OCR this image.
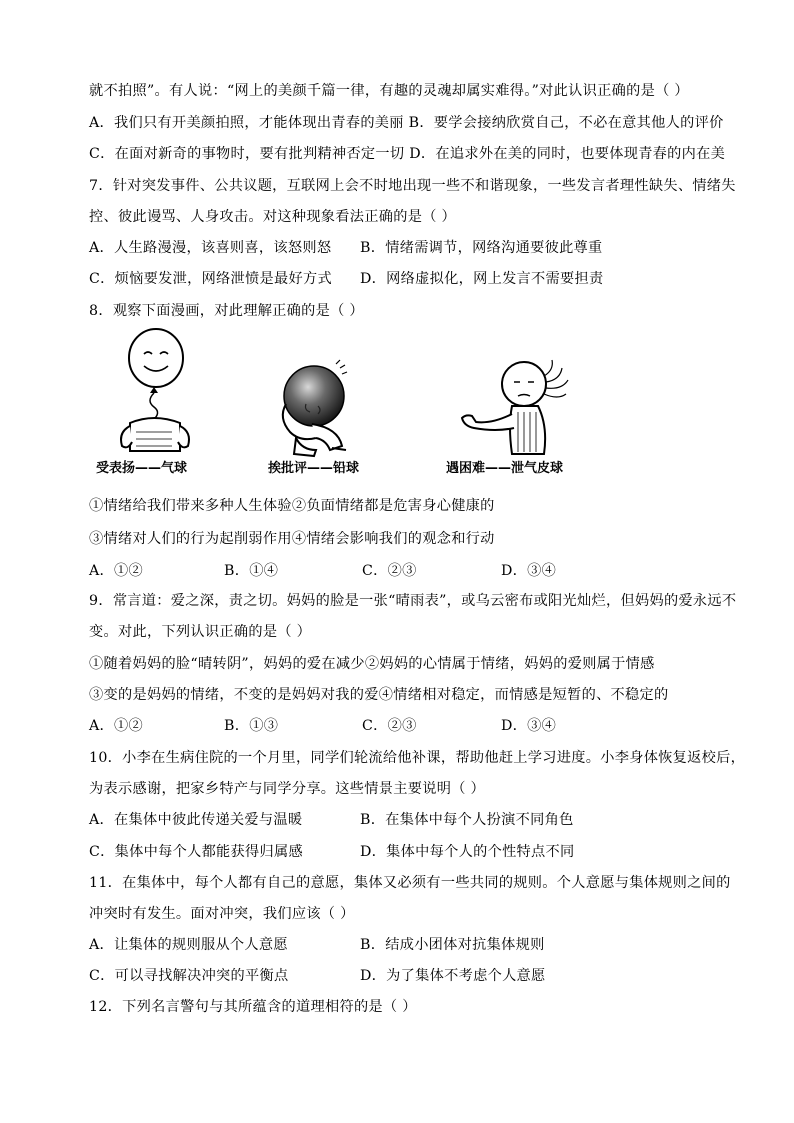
就不拍照”。有人说：“网上的美颜千篇一律，有趣的灵魂却属实难得。”对此认识正确的是（ ）
A．我们只有开美颜拍照，才能体现出青春的美丽 B．要学会接纳欣赏自己，不必在意其他人的评价
C．在面对新奇的事物时，要有批判精神否定一切 D．在追求外在美的同时，也要体现青春的内在美
7．针对突发事件、公共议题，互联网上会不时地出现一些不和谐现象，一些发言者理性缺失、情绪失
控、彼此谩骂、人身攻击。对这种现象看法正确的是（ ）
A．人生路漫漫，该喜则喜，该怒则怒 B．情绪需调节，网络沟通要彼此尊重
C．烦恼要发泄，网络泄愤是最好方式 D．网络虚拟化，网上发言不需要担责
8．观察下面漫画，对此理解正确的是（ ）
受表扬——气球	挨批评——铅球	遇困难——泄气皮球
①情绪给我们带来多种人生体验②负面情绪都是危害身心健康的
③情绪对人们的行为起削弱作用④情绪会影响我们的观念和行动
A．①②	B．①④	C．②③	D．③④
9．常言道：爱之深，责之切。妈妈的脸是一张“晴雨表”，或乌云密布或阳光灿烂，但妈妈的爱永远不
变。对此，下列认识正确的是（ ）
①随着妈妈的脸“晴转阴”，妈妈的爱在减少②妈妈的心情属于情绪，妈妈的爱则属于情感
③变的是妈妈的情绪，不变的是妈妈对我的爱④情绪相对稳定，而情感是短暂的、不稳定的
A．①②	B．①③	C．②③	D．③④
10．小李在生病住院的一个月里，同学们轮流给他补课，帮助他赶上学习进度。小李身体恢复返校后，
为表示感谢，把家乡特产与同学分享。这些情景主要说明（ ）
A．在集体中彼此传递关爱与温暖	B．在集体中每个人扮演不同角色
C．集体中每个人都能获得归属感	D．集体中每个人的个性特点不同
11．在集体中，每个人都有自己的意愿，集体又必须有一些共同的规则。个人意愿与集体规则之间的
冲突时有发生。面对冲突，我们应该（ ）
A．让集体的规则服从个人意愿	B．结成小团体对抗集体规则
C．可以寻找解决冲突的平衡点	D．为了集体不考虑个人意愿
12．下列名言警句与其所蕴含的道理相符的是（ ）
